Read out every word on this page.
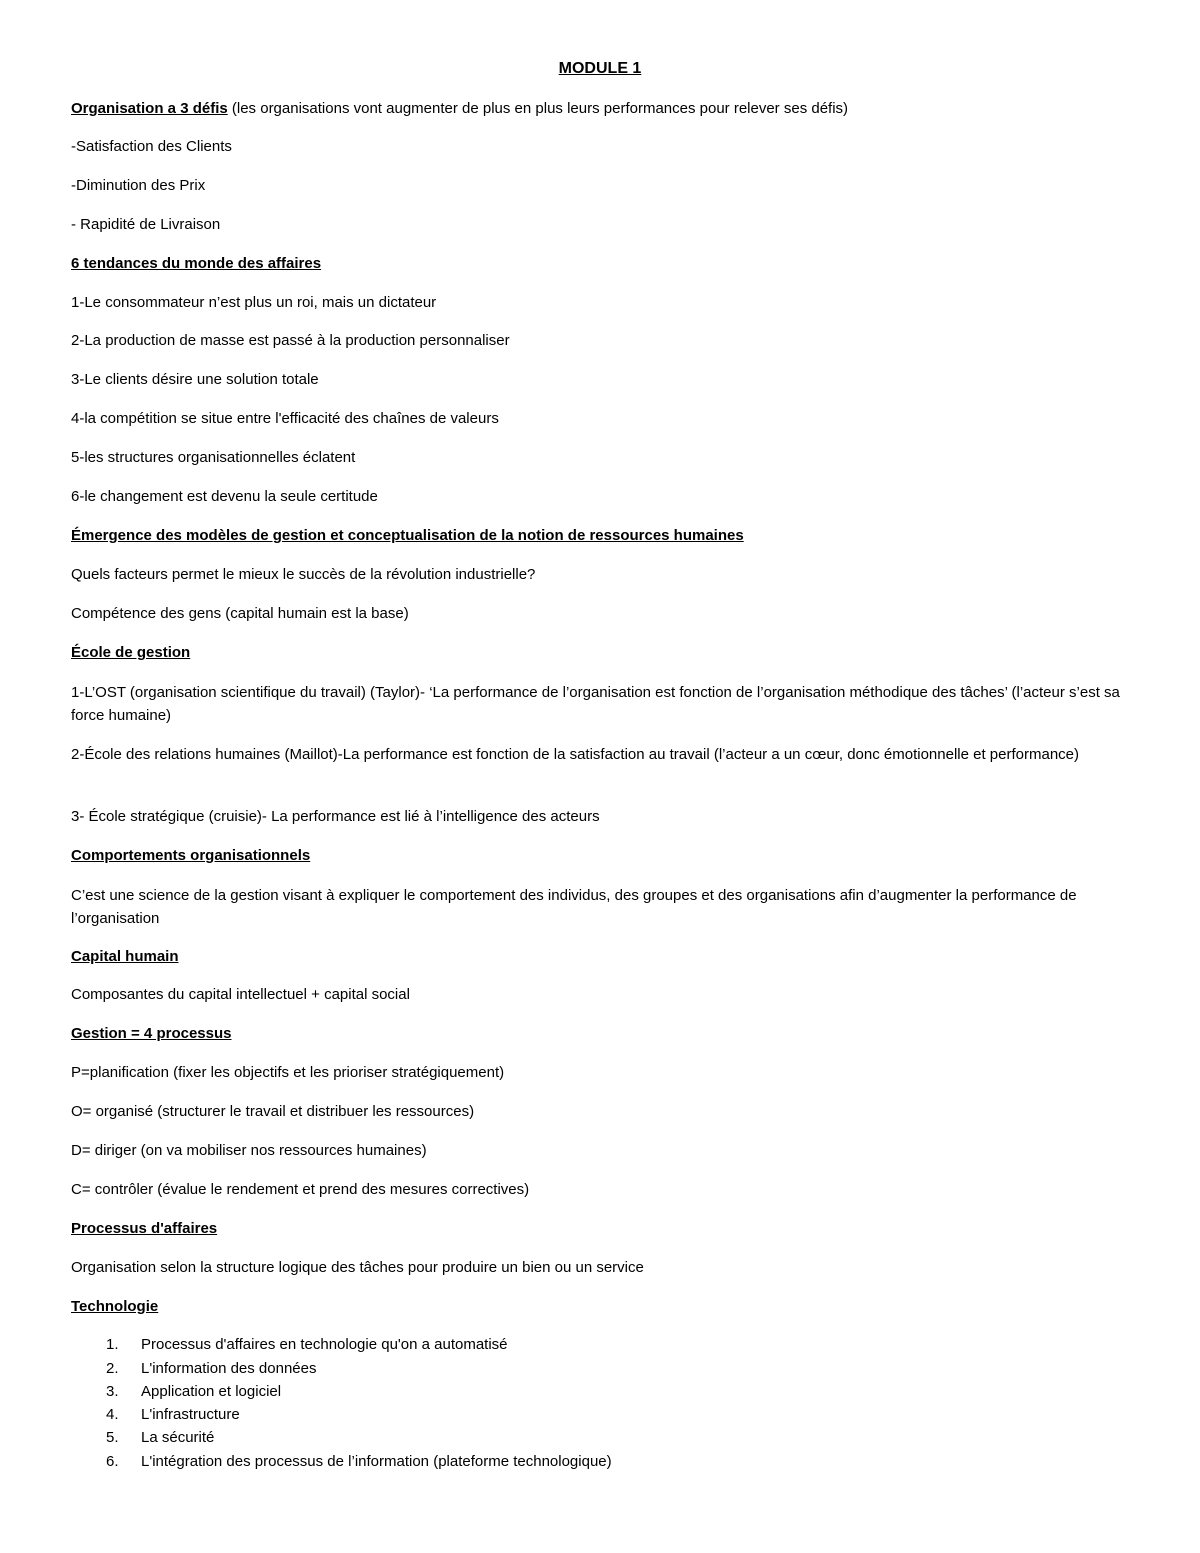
MODULE 1
Organisation a 3 défis (les organisations vont augmenter de plus en plus leurs performances pour relever ses défis)
-Satisfaction des Clients
-Diminution des Prix
- Rapidité de Livraison
6 tendances du monde des affaires
1-Le consommateur n’est plus un roi, mais un dictateur
2-La production de masse est passé à la production personnaliser
3-Le clients désire une solution totale
4-la compétition se situe entre l'efficacité des chaînes de valeurs
5-les structures organisationnelles éclatent
6-le changement est devenu la seule certitude
Émergence des modèles de gestion et conceptualisation de la notion de ressources humaines
Quels facteurs permet le mieux le succès de la révolution industrielle?
Compétence des gens (capital humain est la base)
École de gestion
1-L’OST (organisation scientifique du travail) (Taylor)- ‘La performance de l’organisation est fonction de l’organisation méthodique des tâches’ (l’acteur s’est sa force humaine)
2-École des relations humaines (Maillot)-La performance est fonction de la satisfaction au travail (l’acteur a un cœur, donc émotionnelle et performance)
3- École stratégique (cruisie)- La performance est lié à l’intelligence des acteurs
Comportements organisationnels
C’est une science de la gestion visant à expliquer le comportement des individus, des groupes et des organisations afin d’augmenter la performance de l’organisation
Capital humain
Composantes du capital intellectuel + capital social
Gestion = 4 processus
P=planification (fixer les objectifs et les prioriser stratégiquement)
O= organisé (structurer le travail et distribuer les ressources)
D= diriger (on va mobiliser nos ressources humaines)
C= contrôler (évalue le rendement et prend des mesures correctives)
Processus d'affaires
Organisation selon la structure logique des tâches pour produire un bien ou un service
Technologie
1. Processus d'affaires en technologie qu'on a automatisé
2. L'information des données
3. Application et logiciel
4. L'infrastructure
5. La sécurité
6. L'intégration des processus de l’information (plateforme technologique)
